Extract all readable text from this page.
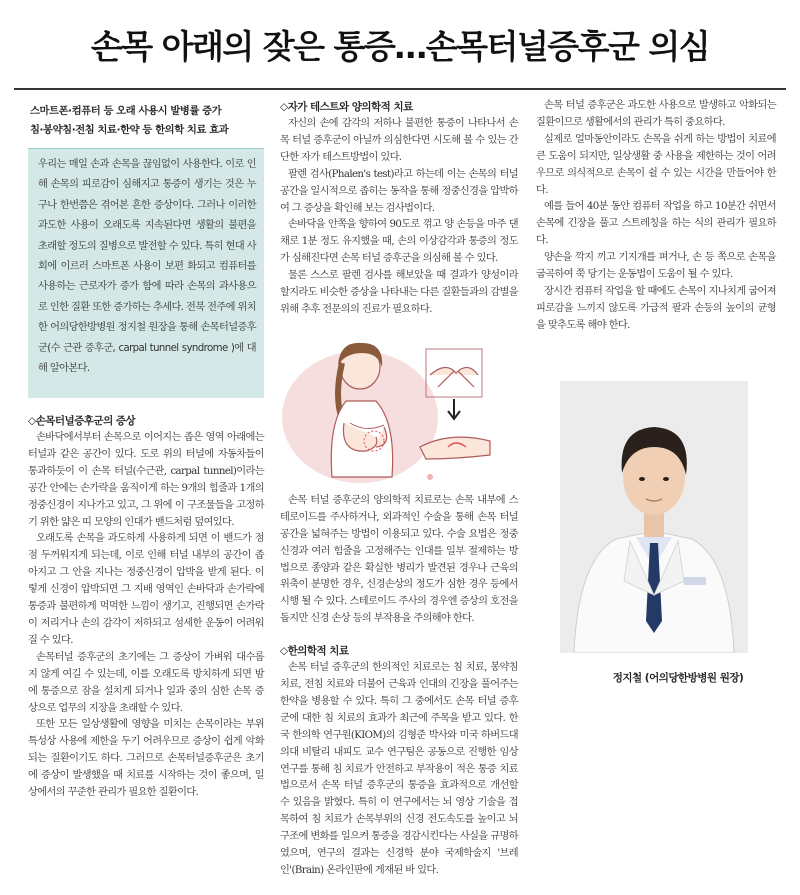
손목 아래의 잦은 통증…손목터널증후군 의심
스마트폰·컴퓨터 등 오래 사용시 발병률 증가
침·봉약침·전침 치료·한약 등 한의학 치료 효과
우리는 매일 손과 손목을 끊임없이 사용한다. 이로 인해 손목의 피로감이 심해지고 통증이 생기는 것은 누구나 한번쯤은 겪어본 흔한 증상이다. 그러나 이러한 과도한 사용이 오래도록 지속된다면 생활의 불편을 초래할 정도의 질병으로 발전할 수 있다. 특히 현대 사회에 이르러 스마트폰 사용이 보편 화되고 컴퓨터를 사용하는 근로자가 증가 함에 따라 손목의 과사용으로 인한 질환 또한 증가하는 추세다. 전북 전주에 위치한 어의당한방병원 정지철 원장을 통해 손목터널증후군(수 근관 증후군, carpal tunnel syndrome )에 대해 알아본다.
◇손목터널증후군의 증상

손바닥에서부터 손목으로 이어지는 좁은 영역 아래에는 터널과 같은 공간이 있다. 도로 위의 터널에 자동차들이 통과하듯이 이 손목 터널(수근관, carpal tunnel)이라는 공간 안에는 손가락을 움직이게 하는 9개의 힘줄과 1개의 정중신경이 지나가고 있고, 그 위에 이 구조물들을 고정하기 위한 얇은 띠 모양의 인대가 밴드처럼 덮여있다.

오래도록 손목을 과도하게 사용하게 되면 이 밴드가 점점 두꺼워지게 되는데, 이로 인해 터널 내부의 공간이 좁아지고 그 안을 지나는 정중신경이 압박을 받게 된다. 이렇게 신경이 압박되면 그 지배 영역인 손바닥과 손가락에 통증과 불편하게 먹먹한 느낌이 생기고, 진행되면 손가락이 저리거나 손의 감각이 저하되고 섬세한 운동이 어려워 질 수 있다.

손목터널 증후군의 초기에는 그 증상이 가벼워 대수롭지 않게 여길 수 있는데, 이를 오래도록 방치하게 되면 밤에 통증으로 잠을 설치게 되거나 일과 중의 심한 손목 증상으로 업무의 지장을 초래할 수 있다.

또한 모든 일상생활에 영향을 미치는 손목이라는 부위 특성상 사용에 제한을 두기 어려우므로 증상이 쉽게 악화되는 질환이기도 하다. 그러므로 손목터널증후군은 초기에 증상이 발생했을 때 치료를 시작하는 것이 좋으며, 일상에서의 꾸준한 관리가 필요한 질환이다.

◇자가 테스트와 양의학적 치료

자신의 손에 감각의 저하나 불편한 통증이 나타나서 손목 터널 증후군이 아닐까 의심한다면 시도해 볼 수 있는 간단한 자가 테스트방법이 있다.

팔렌 검사(Phalen's test)라고 하는데 이는 손목의 터널 공간을 일시적으로 좁히는 동작을 통해 정중신경을 압박하여 그 증상을 확인해 보는 검사법이다.

손바닥을 안쪽을 향하여 90도로 꺾고 양 손등을 마주 댄 채로 1분 정도 유지했을 때, 손의 이상감각과 통증의 정도가 심해진다면 손목 터널 증후군을 의심해 볼 수 있다.

물론 스스로 팔렌 검사를 해보았을 때 결과가 양성이라 할지라도 비슷한 증상을 나타내는 다른 질환들과의 감별을 위해 추후 전문의의 진료가 필요하다.

손목 터널 증후군의 양의학적 치료로는 손목 내부에 스테로이드를 주사하거나, 외과적인 수술을 통해 손목 터널공간을 넓혀주는 방법이 이용되고 있다. 수술 요법은 정중신경과 여러 힘줄을 고정해주는 인대를 일부 절제하는 방법으로 종양과 같은 확실한 병리가 발견된 경우나 근육의 위축이 분명한 경우, 신경손상의 정도가 심한 경우 등에서 시행 될 수 있다. 스테로이드 주사의 경우엔 증상의 호전을 돕지만 신경 손상 등의 부작용을 주의해야 한다.

◇한의학적 치료

손목 터널 증후군의 한의적인 치료로는 침 치료, 봉약침 치료, 전침 치료와 더불어 근육과 인대의 긴장을 풀어주는 한약을 병용할 수 있다. 특히 그 중에서도 손목 터널 증후군에 대한 침 치료의 효과가 최근에 주목을 받고 있다. 한국 한의학 연구원(KIOM)의 김형준 박사와 미국 하버드대 의대 비탈리 내피도 교수 연구팀은 공동으로 진행한 임상연구를 통해 침 치료가 안전하고 부작용이 적은 통증 치료법으로서 손목 터널 증후군의 통증을 효과적으로 개선할 수 있음을 밝혔다. 특히 이 연구에서는 뇌 영상 기술을 접목하여 침 치료가 손목부위의 신경 전도속도를 높이고 뇌 구조에 변화를 일으켜 통증을 경감시킨다는 사실을 규명하였으며, 연구의 결과는 신경학 분야 국제학술지 '브레인'(Brain) 온라인판에 게재된 바 있다.

손목 터널 증후군은 과도한 사용으로 발생하고 악화되는 질환이므로 생활에서의 관리가 특히 중요하다.

실제로 얼마동안이라도 손목을 쉬게 하는 방법이 치료에 큰 도움이 되지만, 일상생활 중 사용을 제한하는 것이 어려우므로 의식적으로 손목이 쉴 수 있는 시간을 만들어야 한다.

예를 들어 40분 동안 컴퓨터 작업을 하고 10분간 쉬면서 손목에 긴장을 풀고 스트레칭을 하는 식의 관리가 필요하다.

양손을 깍지 끼고 기지개를 펴거나, 손 등 쪽으로 손목을 굽곡하여 쭉 당기는 운동법이 도움이 될 수 있다.

장시간 컴퓨터 작업을 할 때에도 손목이 지나치게 굽어져 피로감을 느끼지 않도록 가급적 팔과 손등의 높이의 균형을 맞추도록 해야 한다.

정지철 (어의당한방병원 원장)
